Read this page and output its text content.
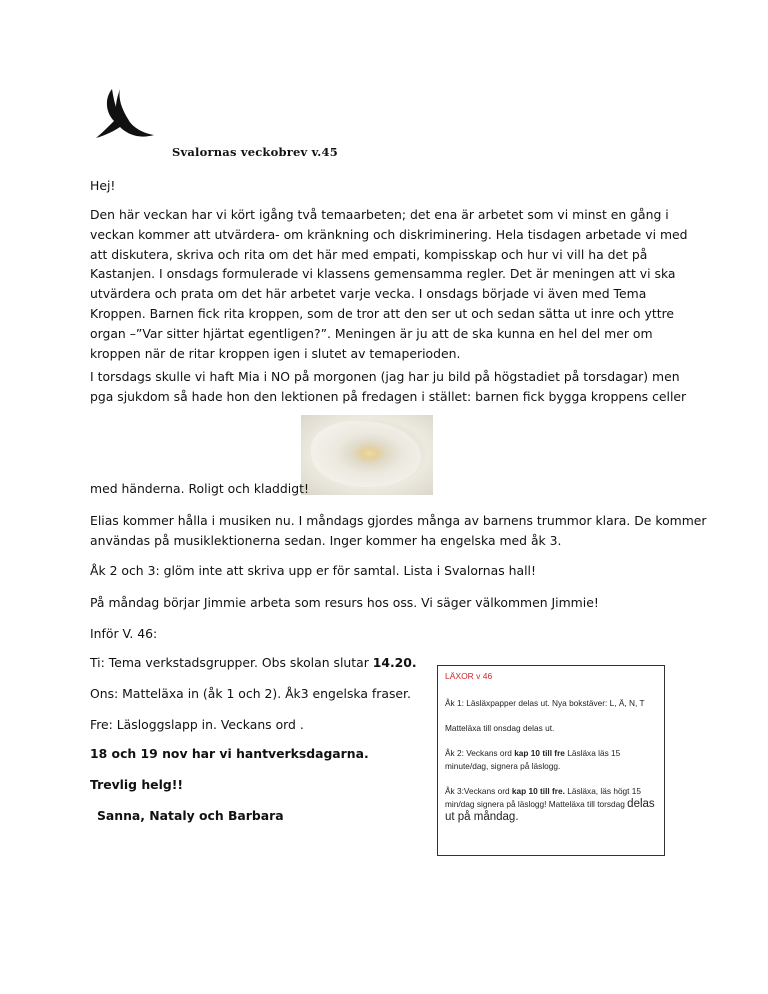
Svalornas veckobrev v.45
Hej!
Den här veckan har vi kört igång två temaarbeten; det ena är arbetet som vi minst en gång i
veckan kommer att utvärdera- om kränkning och diskriminering. Hela tisdagen arbetade vi med
att diskutera, skriva och rita om det här med empati, kompisskap och hur vi vill ha det på
Kastanjen. I onsdags formulerade vi klassens gemensamma regler. Det är meningen att vi ska
utvärdera och prata om det här arbetet varje vecka. I onsdags började vi även med Tema
Kroppen. Barnen fick rita kroppen, som de tror att den ser ut och sedan sätta ut inre och yttre
organ –”Var sitter hjärtat egentligen?”. Meningen är ju att de ska kunna en hel del mer om
kroppen när de ritar kroppen igen i slutet av temaperioden.
I torsdags skulle vi haft Mia i NO på morgonen (jag har ju bild på högstadiet på torsdagar) men
pga sjukdom så hade hon den lektionen på fredagen i stället: barnen fick bygga kroppens celler
med händerna. Roligt och kladdigt!
Elias kommer hålla i musiken nu. I måndags gjordes många av barnens trummor klara. De kommer
användas på musiklektionerna sedan. Inger kommer ha engelska med åk 3.
Åk 2 och 3: glöm inte att skriva upp er för samtal. Lista i Svalornas hall!
På måndag börjar Jimmie arbeta som resurs hos oss. Vi säger välkommen Jimmie!
Inför V. 46:
Ti: Tema verkstadsgrupper. Obs skolan slutar 14.20.
Ons: Matteläxa in (åk 1 och 2). Åk3 engelska fraser.
Fre: Läsloggslapp in. Veckans ord .
18 och 19 nov har vi hantverksdagarna.
Trevlig helg!!
Sanna, Nataly och Barbara
LÄXOR v 46
Åk 1: Läsläxpapper delas ut. Nya bokstäver: L, Ä, N, T
Matteläxa till onsdag delas ut.
Åk 2: Veckans ord kap 10 till fre Läsläxa läs 15 minute/dag, signera på läslogg.
Åk 3:Veckans ord kap 10 till fre. Läsläxa, läs högt 15 min/dag signera på läslogg! Matteläxa till torsdag delas ut på måndag.
